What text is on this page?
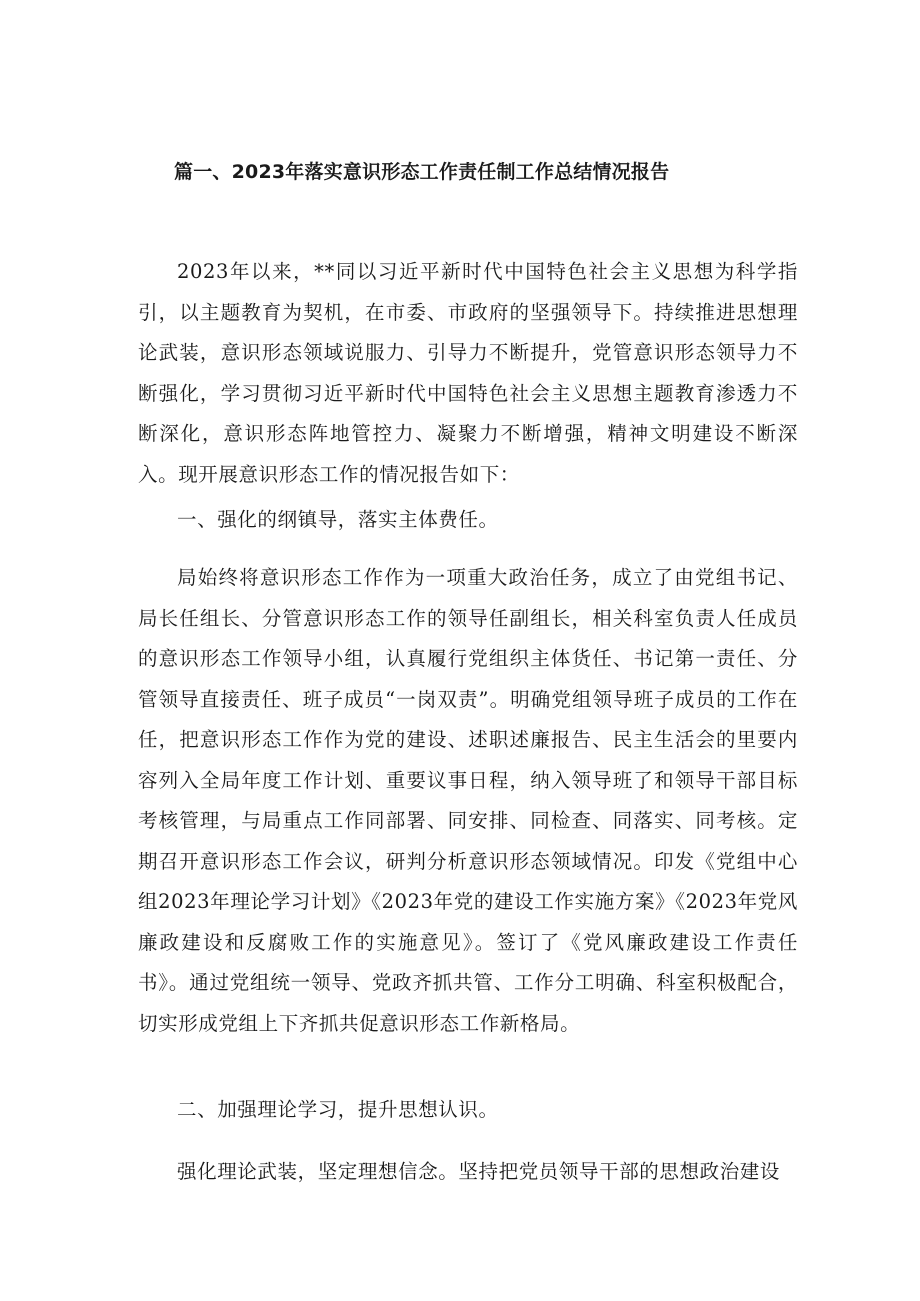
篇一、2023年落实意识形态工作责任制工作总结情况报告

2023年以来，**同以习近平新时代中国特色社会主义思想为科学指引，以主题教育为契机，在市委、市政府的坚强领导下。持续推进思想理论武装，意识形态领域说服力、引导力不断提升，党管意识形态领导力不断强化，学习贯彻习近平新时代中国特色社会主义思想主题教育渗透力不断深化，意识形态阵地管控力、凝聚力不断增强，精神文明建设不断深入。现开展意识形态工作的情况报告如下：

一、强化的纲镇导，落实主体费任。

局始终将意识形态工作作为一项重大政治任务，成立了由党组书记、局长任组长、分管意识形态工作的领导任副组长，相关科室负责人任成员的意识形态工作领导小组，认真履行党组织主体货任、书记第一责任、分管领导直接责任、班子成员“一岗双责”。明确党组领导班子成员的工作在任，把意识形态工作作为党的建设、述职述廉报告、民主生活会的里要内容列入全局年度工作计划、重要议事日程，纳入领导班了和领导干部目标考核管理，与局重点工作同部署、同安排、同检查、同落实、同考核。定期召开意识形态工作会议，研判分析意识形态领域情况。印发《党组中心组2023年理论学习计划》《2023年党的建设工作实施方案》《2023年党风廉政建设和反腐败工作的实施意见》。签订了《党风廉政建设工作责任书》。通过党组统一领导、党政齐抓共管、工作分工明确、科室积极配合，切实形成党组上下齐抓共促意识形态工作新格局。

二、加强理论学习，提升思想认识。

强化理论武装，坚定理想信念。坚持把党员领导干部的思想政治建设
